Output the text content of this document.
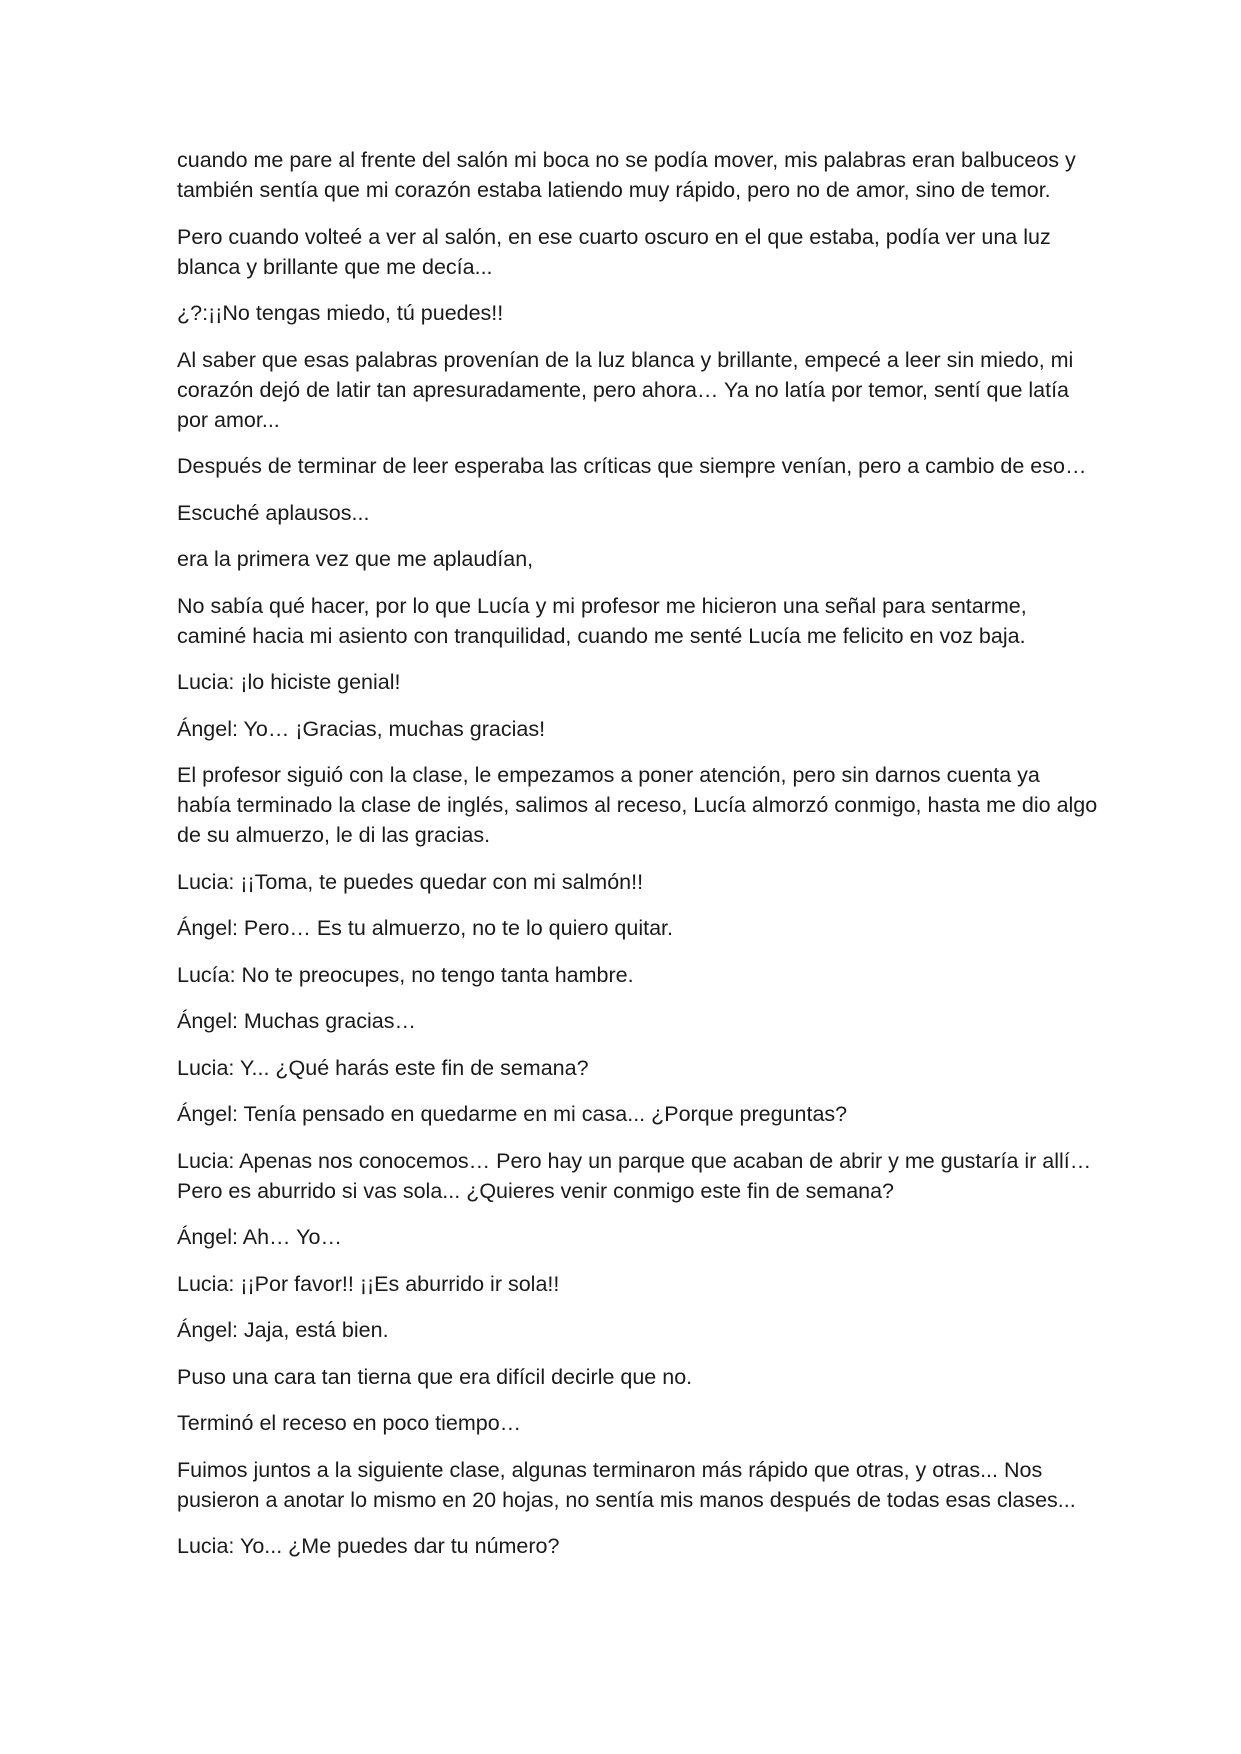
cuando me pare al frente del salón mi boca no se podía mover, mis palabras eran balbuceos y
también sentía que mi corazón estaba latiendo muy rápido, pero no de amor, sino de temor.

Pero cuando volteé a ver al salón, en ese cuarto oscuro en el que estaba, podía ver una luz
blanca y brillante que me decía...

¿?:¡¡No tengas miedo, tú puedes!!

Al saber que esas palabras provenían de la luz blanca y brillante, empecé a leer sin miedo, mi
corazón dejó de latir tan apresuradamente, pero ahora… Ya no latía por temor, sentí que latía
por amor...

Después de terminar de leer esperaba las críticas que siempre venían, pero a cambio de eso…

Escuché aplausos...

era la primera vez que me aplaudían,

No sabía qué hacer, por lo que Lucía y mi profesor me hicieron una señal para sentarme,
caminé hacia mi asiento con tranquilidad, cuando me senté Lucía me felicito en voz baja.

Lucia: ¡lo hiciste genial!

Ángel: Yo… ¡Gracias, muchas gracias!

El profesor siguió con la clase, le empezamos a poner atención, pero sin darnos cuenta ya
había terminado la clase de inglés, salimos al receso, Lucía almorzó conmigo, hasta me dio algo
de su almuerzo, le di las gracias.

Lucia: ¡¡Toma, te puedes quedar con mi salmón!!

Ángel: Pero… Es tu almuerzo, no te lo quiero quitar.

Lucía: No te preocupes, no tengo tanta hambre.

Ángel: Muchas gracias…

Lucia: Y... ¿Qué harás este fin de semana?

Ángel: Tenía pensado en quedarme en mi casa... ¿Porque preguntas?

Lucia: Apenas nos conocemos… Pero hay un parque que acaban de abrir y me gustaría ir allí…
Pero es aburrido si vas sola... ¿Quieres venir conmigo este fin de semana?

Ángel: Ah… Yo…

Lucia: ¡¡Por favor!! ¡¡Es aburrido ir sola!!

Ángel: Jaja, está bien.

Puso una cara tan tierna que era difícil decirle que no.

Terminó el receso en poco tiempo…

Fuimos juntos a la siguiente clase, algunas terminaron más rápido que otras, y otras... Nos
pusieron a anotar lo mismo en 20 hojas, no sentía mis manos después de todas esas clases...

Lucia: Yo... ¿Me puedes dar tu número?
